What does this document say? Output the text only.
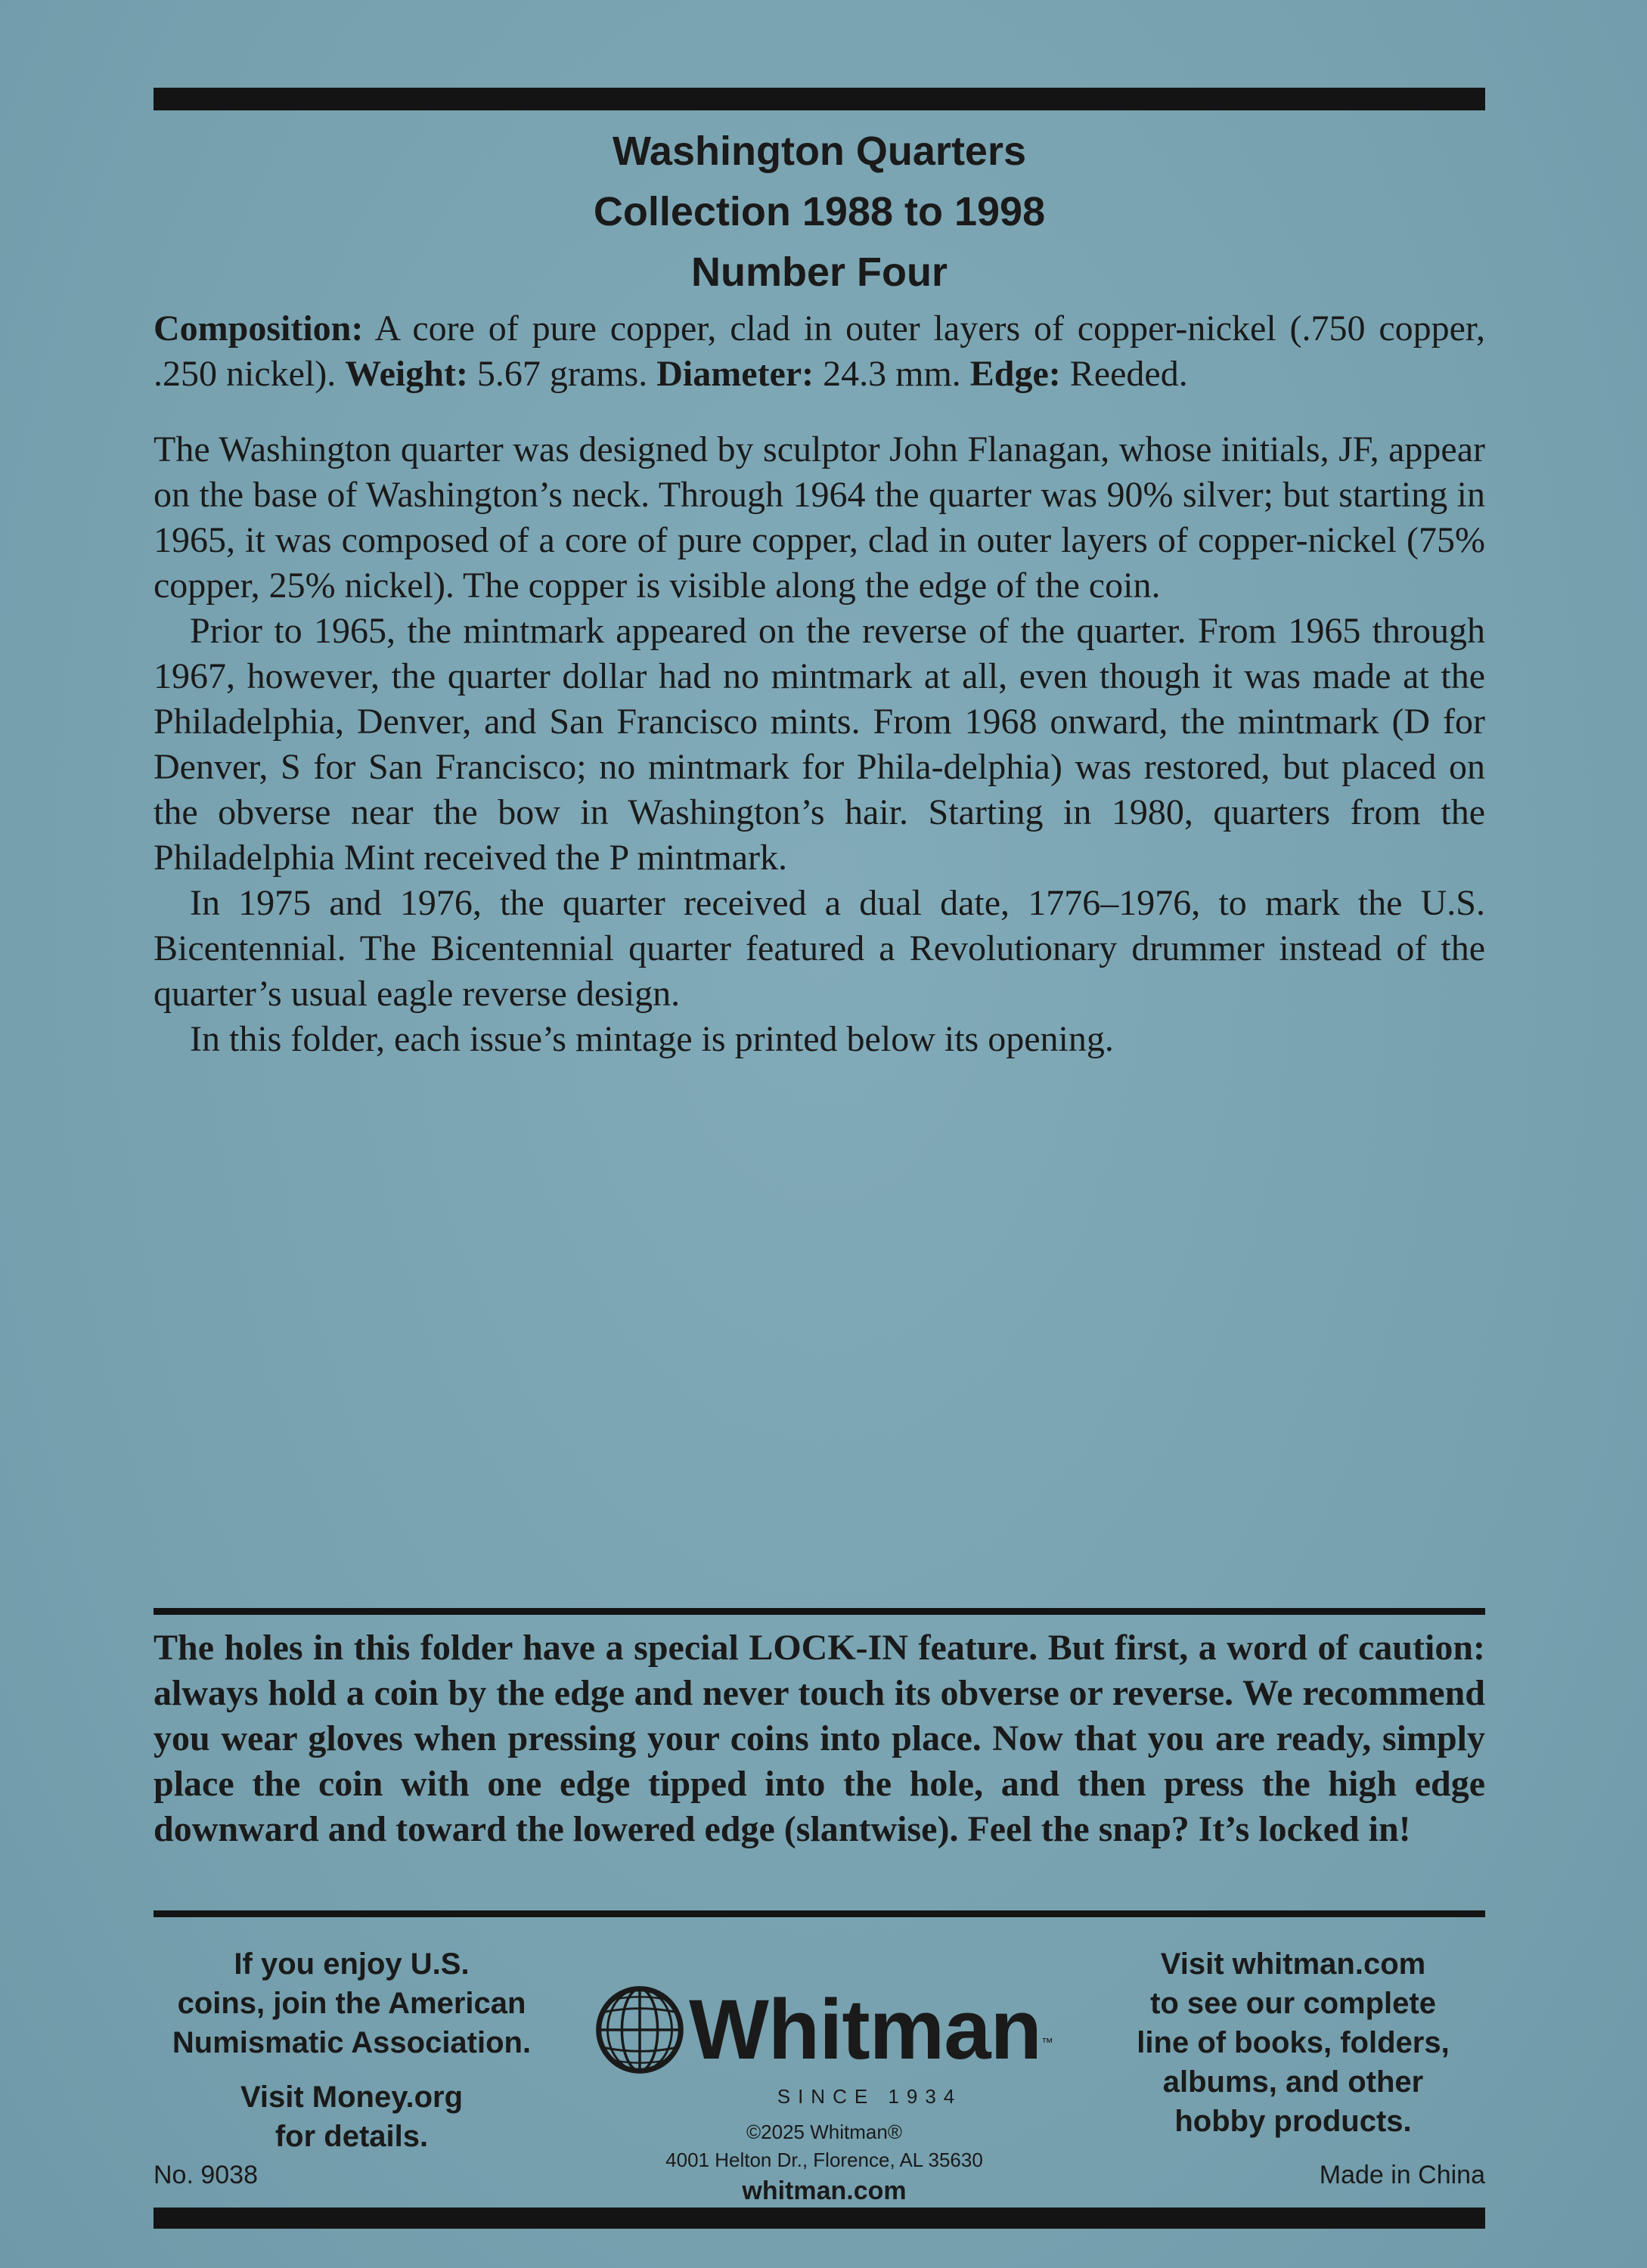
Washington Quarters
Collection 1988 to 1998
Number Four
Composition: A core of pure copper, clad in outer layers of copper-nickel (.750 copper, .250 nickel). Weight: 5.67 grams. Diameter: 24.3 mm. Edge: Reeded.

The Washington quarter was designed by sculptor John Flanagan, whose initials, JF, appear on the base of Washington’s neck. Through 1964 the quarter was 90% silver; but starting in 1965, it was composed of a core of pure copper, clad in outer layers of copper-nickel (75% copper, 25% nickel). The copper is visible along the edge of the coin.

Prior to 1965, the mintmark appeared on the reverse of the quarter. From 1965 through 1967, however, the quarter dollar had no mintmark at all, even though it was made at the Philadelphia, Denver, and San Francisco mints. From 1968 onward, the mintmark (D for Denver, S for San Francisco; no mintmark for Phila-delphia) was restored, but placed on the obverse near the bow in Washington’s hair. Starting in 1980, quarters from the Philadelphia Mint received the P mintmark.

In 1975 and 1976, the quarter received a dual date, 1776–1976, to mark the U.S. Bicentennial. The Bicentennial quarter featured a Revolutionary drummer instead of the quarter’s usual eagle reverse design.

In this folder, each issue’s mintage is printed below its opening.

The holes in this folder have a special LOCK-IN feature. But first, a word of caution: always hold a coin by the edge and never touch its obverse or reverse. We recommend you wear gloves when pressing your coins into place. Now that you are ready, simply place the coin with one edge tipped into the hole, and then press the high edge downward and toward the lowered edge (slantwise). Feel the snap? It’s locked in!
If you enjoy U.S.
coins, join the American
Numismatic Association.
Visit Money.org
for details.
Whitman ™
SINCE 1934
©2025 Whitman®
4001 Helton Dr., Florence, AL 35630
whitman.com
Visit whitman.com
to see our complete
line of books, folders,
albums, and other
hobby products.
No. 9038	Made in China
